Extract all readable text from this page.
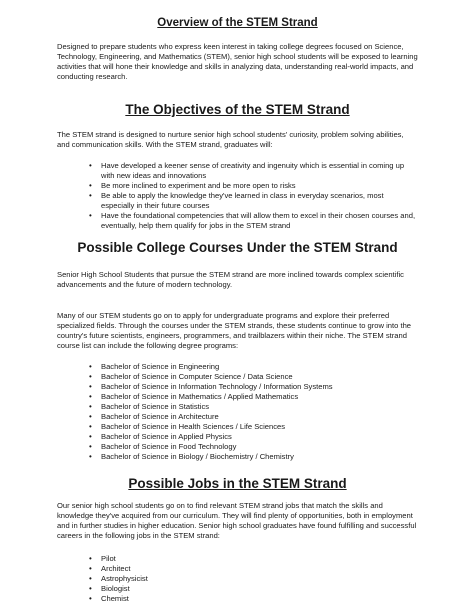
Overview of the STEM Strand

Designed to prepare students who express keen interest in taking college degrees focused on Science, Technology, Engineering, and Mathematics (STEM), senior high school students will be exposed to learning activities that will hone their knowledge and skills in analyzing data, understanding real-world impacts, and conducting research.

The Objectives of the STEM Strand

The STEM strand is designed to nurture senior high school students' curiosity, problem solving abilities, and communication skills. With the STEM strand, graduates will:

• Have developed a keener sense of creativity and ingenuity which is essential in coming up with new ideas and innovations
• Be more inclined to experiment and be more open to risks
• Be able to apply the knowledge they've learned in class in everyday scenarios, most especially in their future courses
• Have the foundational competencies that will allow them to excel in their chosen courses and, eventually, help them qualify for jobs in the STEM strand
Possible College Courses Under the STEM Strand

Senior High School Students that pursue the STEM strand are more inclined towards complex scientific advancements and the future of modern technology.

Many of our STEM students go on to apply for undergraduate programs and explore their preferred specialized fields. Through the courses under the STEM strands, these students continue to grow into the country's future scientists, engineers, programmers, and trailblazers within their niche. The STEM strand course list can include the following degree programs:

• Bachelor of Science in Engineering
• Bachelor of Science in Computer Science / Data Science
• Bachelor of Science in Information Technology / Information Systems
• Bachelor of Science in Mathematics / Applied Mathematics
• Bachelor of Science in Statistics
• Bachelor of Science in Architecture
• Bachelor of Science in Health Sciences / Life Sciences
• Bachelor of Science in Applied Physics
• Bachelor of Science in Food Technology
• Bachelor of Science in Biology / Biochemistry / Chemistry
Possible Jobs in the STEM Strand

Our senior high school students go on to find relevant STEM strand jobs that match the skills and knowledge they've acquired from our curriculum. They will find plenty of opportunities, both in employment and in further studies in higher education. Senior high school graduates have found fulfilling and successful careers in the following jobs in the STEM strand:

• Pilot
• Architect
• Astrophysicist
• Biologist
• Chemist
